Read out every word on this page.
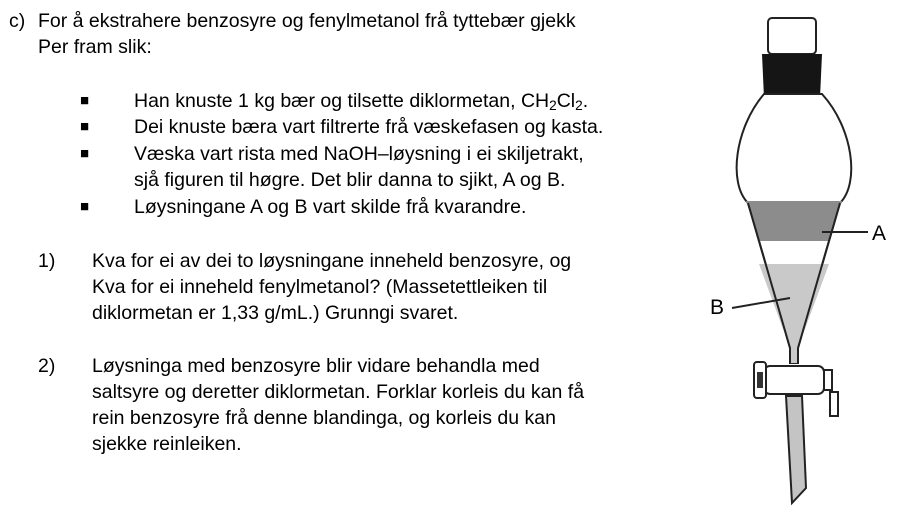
c) For å ekstrahere benzosyre og fenylmetanol frå tyttebær gjekk
Per fram slik:
■ Han knuste 1 kg bær og tilsette diklormetan, $CH_2Cl_2$.
■ Dei knuste bæra vart filtrerte frå væskefasen og kasta.
■ Væska vart rista med NaOH–løysning i ei skiljetrakt,
sjå figuren til høgre. Det blir danna to sjikt, A og B.
■ Løysningane A og B vart skilde frå kvarandre.
1) Kva for ei av dei to løysningane inneheld benzosyre, og
Kva for ei inneheld fenylmetanol? (Massetettleiken til
diklormetan er 1,33 g/mL.) Grunngi svaret.
2) Løysninga med benzosyre blir vidare behandla med
saltsyre og deretter diklormetan. Forklar korleis du kan få
rein benzosyre frå denne blandinga, og korleis du kan
sjekke reinleiken.
A
B
